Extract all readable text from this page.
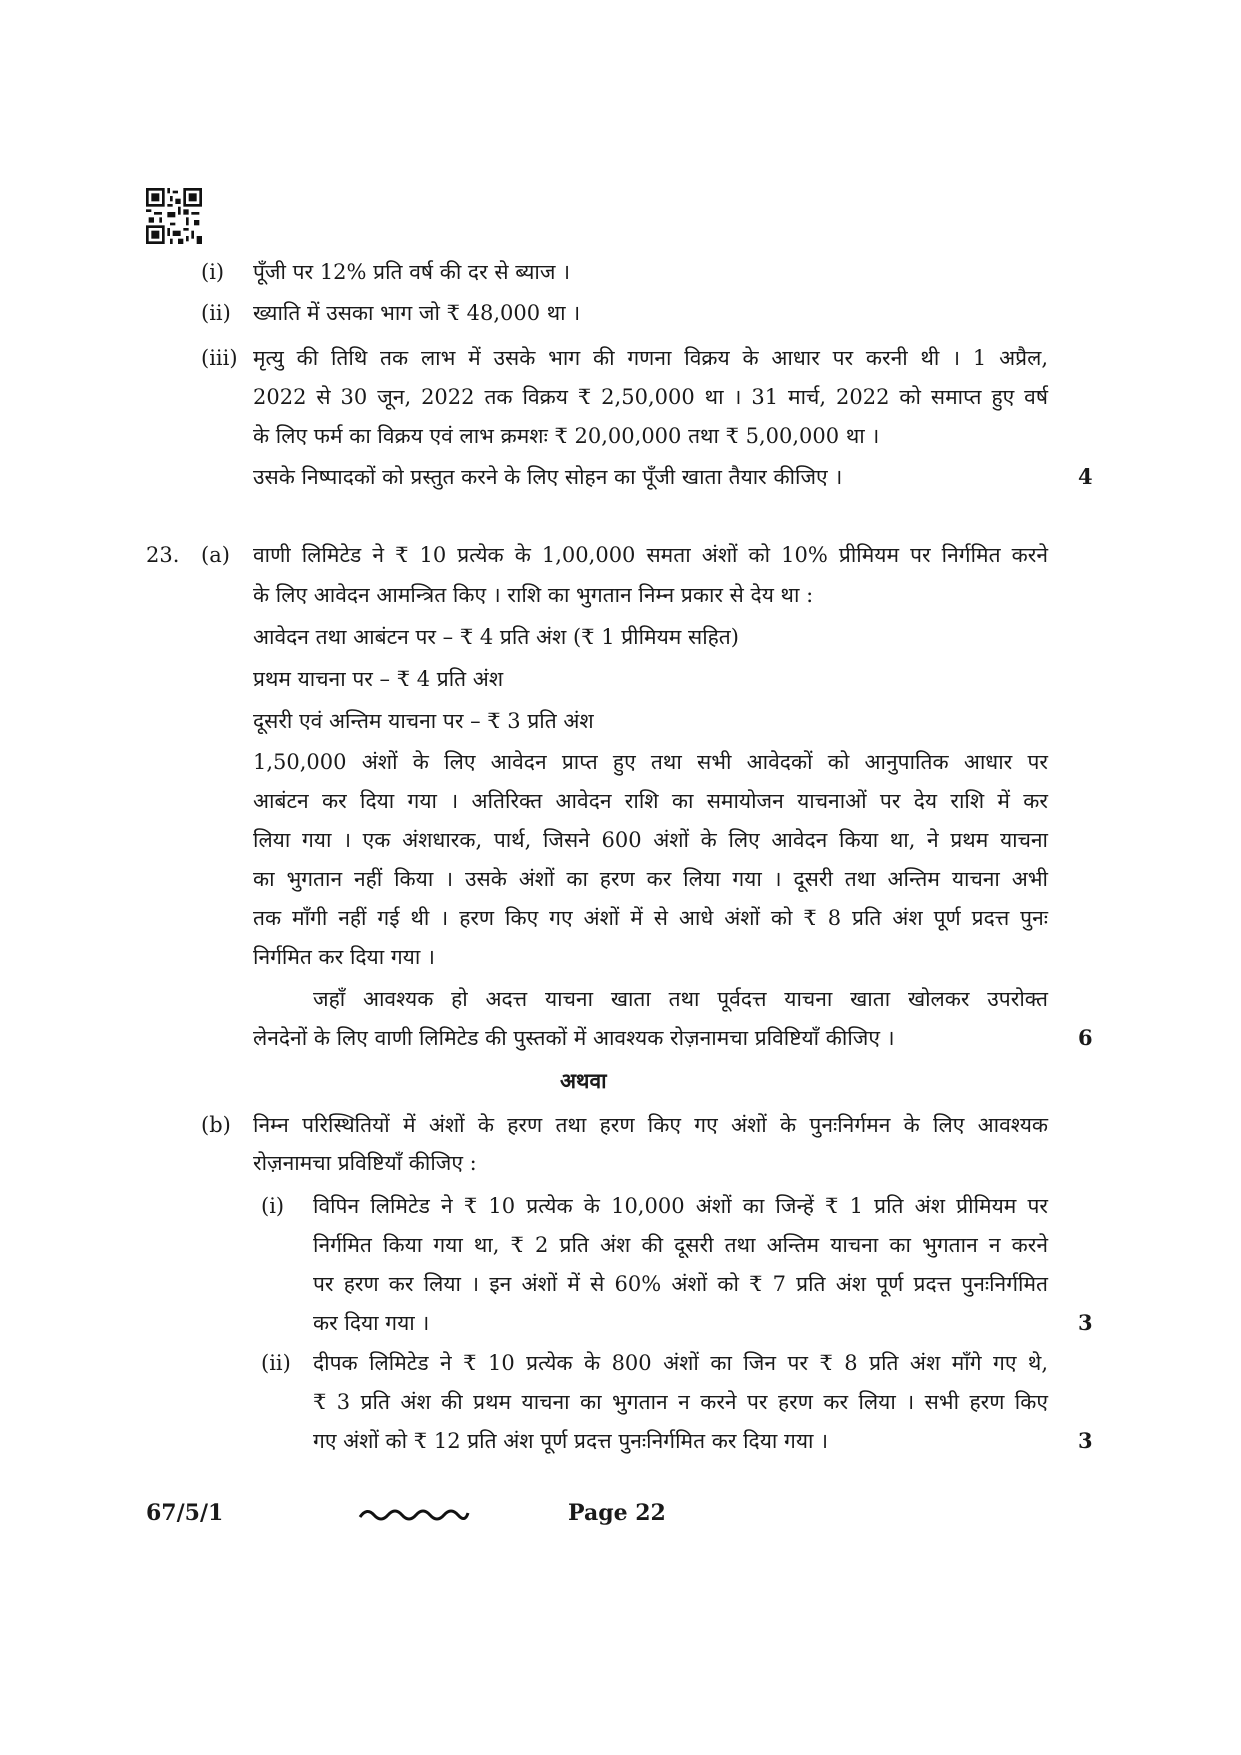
(i) पूँजी पर 12% प्रति वर्ष की दर से ब्याज ।
(ii) ख्याति में उसका भाग जो ₹ 48,000 था ।
(iii) मृत्यु की तिथि तक लाभ में उसके भाग की गणना विक्रय के आधार पर करनी थी । 1 अप्रैल,
2022 से 30 जून, 2022 तक विक्रय ₹ 2,50,000 था । 31 मार्च, 2022 को समाप्त हुए वर्ष
के लिए फर्म का विक्रय एवं लाभ क्रमशः ₹ 20,00,000 तथा ₹ 5,00,000 था ।
उसके निष्पादकों को प्रस्तुत करने के लिए सोहन का पूँजी खाता तैयार कीजिए ।	4
23. (a) वाणी लिमिटेड ने ₹ 10 प्रत्येक के 1,00,000 समता अंशों को 10% प्रीमियम पर निर्गमित करने
के लिए आवेदन आमन्त्रित किए । राशि का भुगतान निम्न प्रकार से देय था :
आवेदन तथा आबंटन पर – ₹ 4 प्रति अंश (₹ 1 प्रीमियम सहित)
प्रथम याचना पर – ₹ 4 प्रति अंश
दूसरी एवं अन्तिम याचना पर – ₹ 3 प्रति अंश
1,50,000 अंशों के लिए आवेदन प्राप्त हुए तथा सभी आवेदकों को आनुपातिक आधार पर
आबंटन कर दिया गया । अतिरिक्त आवेदन राशि का समायोजन याचनाओं पर देय राशि में कर
लिया गया । एक अंशधारक, पार्थ, जिसने 600 अंशों के लिए आवेदन किया था, ने प्रथम याचना
का भुगतान नहीं किया । उसके अंशों का हरण कर लिया गया । दूसरी तथा अन्तिम याचना अभी
तक माँगी नहीं गई थी । हरण किए गए अंशों में से आधे अंशों को ₹ 8 प्रति अंश पूर्ण प्रदत्त पुनः
निर्गमित कर दिया गया ।
जहाँ आवश्यक हो अदत्त याचना खाता तथा पूर्वदत्त याचना खाता खोलकर उपरोक्त
लेनदेनों के लिए वाणी लिमिटेड की पुस्तकों में आवश्यक रोज़नामचा प्रविष्टियाँ कीजिए ।	6
अथवा
(b) निम्न परिस्थितियों में अंशों के हरण तथा हरण किए गए अंशों के पुनःनिर्गमन के लिए आवश्यक
रोज़नामचा प्रविष्टियाँ कीजिए :
(i) विपिन लिमिटेड ने ₹ 10 प्रत्येक के 10,000 अंशों का जिन्हें ₹ 1 प्रति अंश प्रीमियम पर
निर्गमित किया गया था, ₹ 2 प्रति अंश की दूसरी तथा अन्तिम याचना का भुगतान न करने
पर हरण कर लिया । इन अंशों में से 60% अंशों को ₹ 7 प्रति अंश पूर्ण प्रदत्त पुनःनिर्गमित
कर दिया गया ।	3
(ii) दीपक लिमिटेड ने ₹ 10 प्रत्येक के 800 अंशों का जिन पर ₹ 8 प्रति अंश माँगे गए थे,
₹ 3 प्रति अंश की प्रथम याचना का भुगतान न करने पर हरण कर लिया । सभी हरण किए
गए अंशों को ₹ 12 प्रति अंश पूर्ण प्रदत्त पुनःनिर्गमित कर दिया गया ।	3
67/5/1	Page 22
